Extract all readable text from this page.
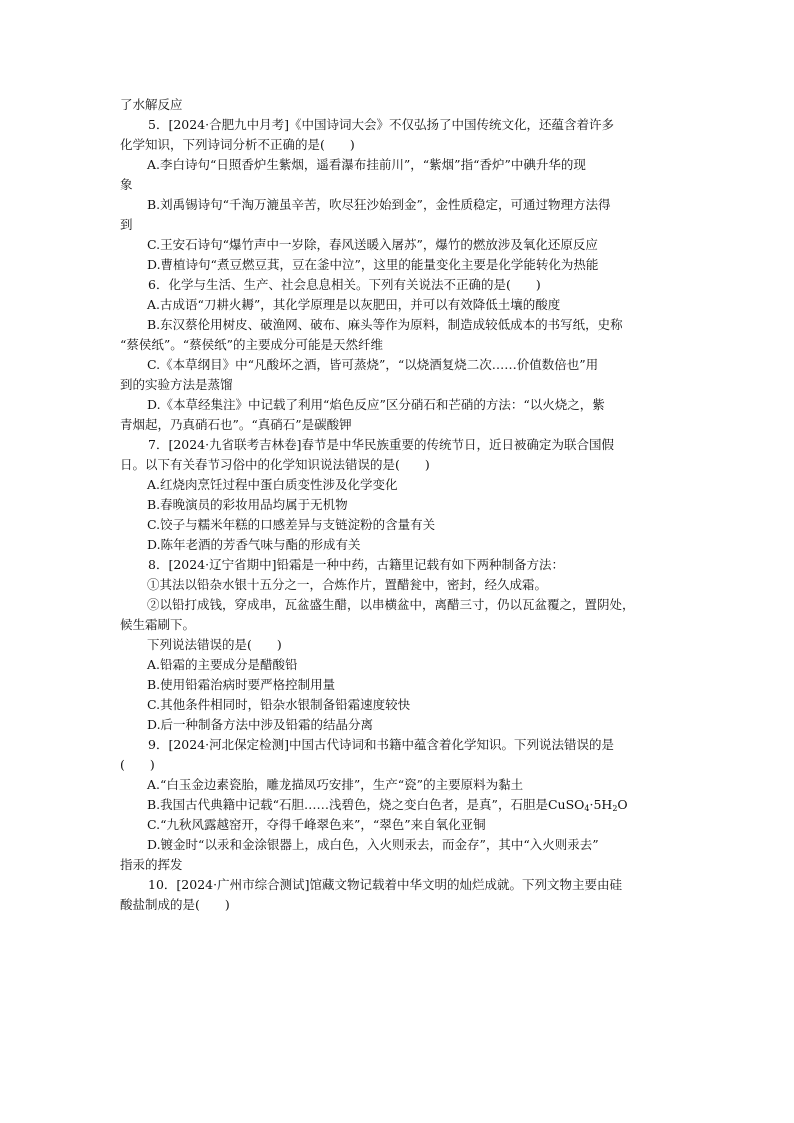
了水解反应
5．[2024·合肥九中月考]《中国诗词大会》不仅弘扬了中国传统文化，还蕴含着许多
化学知识，下列诗词分析不正确的是(　　)
A.李白诗句“日照香炉生紫烟，遥看瀑布挂前川”，“紫烟”指“香炉”中碘升华的现
象
B.刘禹锡诗句“千淘万漉虽辛苦，吹尽狂沙始到金”，金性质稳定，可通过物理方法得
到
C.王安石诗句“爆竹声中一岁除，春风送暖入屠苏”，爆竹的燃放涉及氧化还原反应
D.曹植诗句“煮豆燃豆萁，豆在釜中泣”，这里的能量变化主要是化学能转化为热能
6．化学与生活、生产、社会息息相关。下列有关说法不正确的是(　　)
A.古成语“刀耕火耨”，其化学原理是以灰肥田，并可以有效降低土壤的酸度
B.东汉蔡伦用树皮、破渔网、破布、麻头等作为原料，制造成较低成本的书写纸，史称
“蔡侯纸”。“蔡侯纸”的主要成分可能是天然纤维
C.《本草纲目》中“凡酸坏之酒，皆可蒸烧”，“以烧酒复烧二次……价值数倍也”用
到的实验方法是蒸馏
D.《本草经集注》中记载了利用“焰色反应”区分硝石和芒硝的方法：“以火烧之，紫
青烟起，乃真硝石也”。“真硝石”是碳酸钾
7．[2024·九省联考吉林卷]春节是中华民族重要的传统节日，近日被确定为联合国假
日。以下有关春节习俗中的化学知识说法错误的是(　　)
A.红烧肉烹饪过程中蛋白质变性涉及化学变化
B.春晚演员的彩妆用品均属于无机物
C.饺子与糯米年糕的口感差异与支链淀粉的含量有关
D.陈年老酒的芳香气味与酯的形成有关
8．[2024·辽宁省期中]铅霜是一种中药，古籍里记载有如下两种制备方法：
①其法以铅杂水银十五分之一，合炼作片，置醋瓮中，密封，经久成霜。
②以铅打成钱，穿成串，瓦盆盛生醋，以串横盆中，离醋三寸，仍以瓦盆覆之，置阴处，
候生霜刷下。
下列说法错误的是(　　)
A.铅霜的主要成分是醋酸铅
B.使用铅霜治病时要严格控制用量
C.其他条件相同时，铅杂水银制备铅霜速度较快
D.后一种制备方法中涉及铅霜的结晶分离
9．[2024·河北保定检测]中国古代诗词和书籍中蕴含着化学知识。下列说法错误的是
(　　)
A.“白玉金边素瓷胎，雕龙描凤巧安排”，生产“瓷”的主要原料为黏土
B.我国古代典籍中记载“石胆……浅碧色，烧之变白色者，是真”，石胆是$CuSO_4\cdot 5H_2O$
C.“九秋风露越窑开，夺得千峰翠色来”，“翠色”来自氧化亚铜
D.镀金时“以汞和金涂银器上，成白色，入火则汞去，而金存”，其中“入火则汞去”
指汞的挥发
10．[2024·广州市综合测试]馆藏文物记载着中华文明的灿烂成就。下列文物主要由硅
酸盐制成的是(　　)
